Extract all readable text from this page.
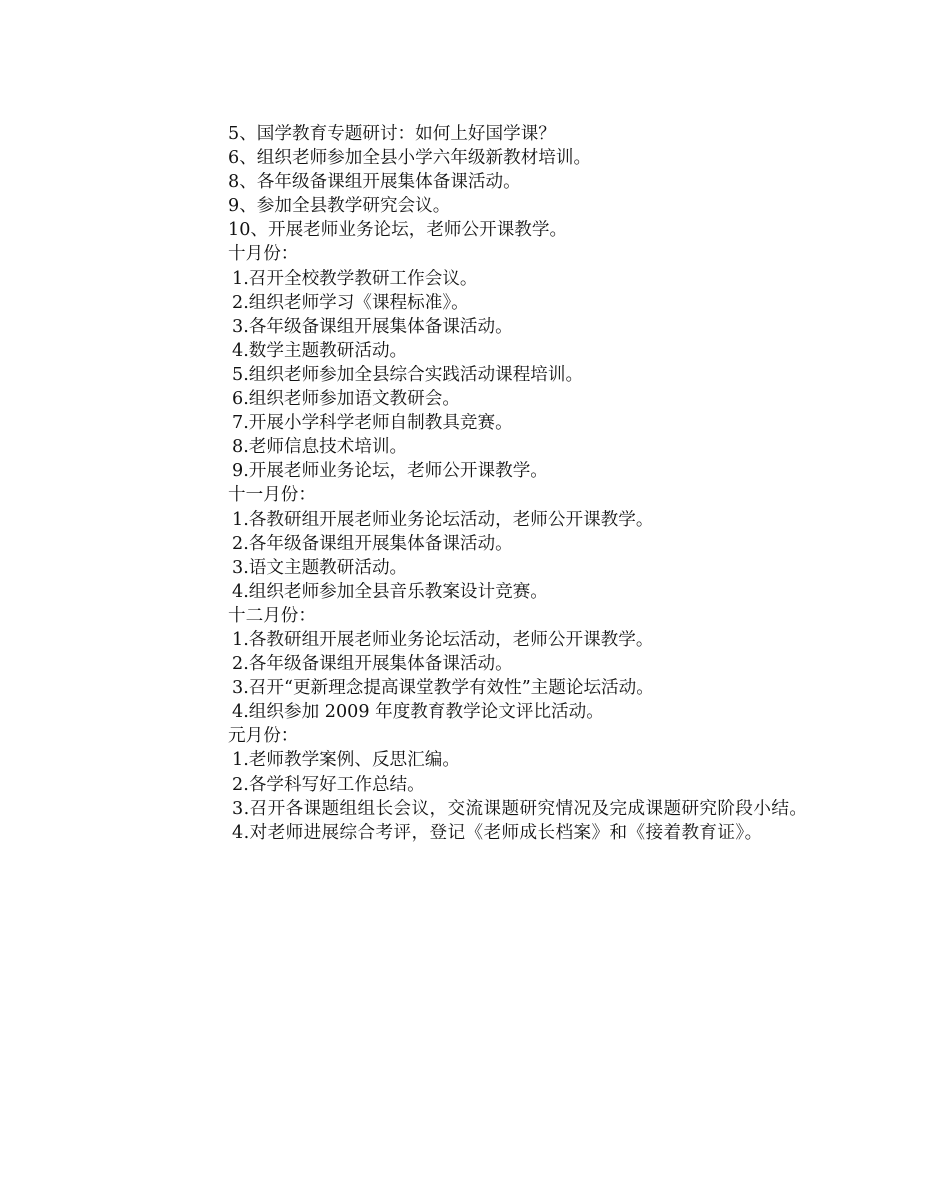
5、国学教育专题研讨：如何上好国学课？
6、组织老师参加全县小学六年级新教材培训。
8、各年级备课组开展集体备课活动。
9、参加全县教学研究会议。
10、开展老师业务论坛，老师公开课教学。
十月份：
1.召开全校教学教研工作会议。
2.组织老师学习《课程标准》。
3.各年级备课组开展集体备课活动。
4.数学主题教研活动。
5.组织老师参加全县综合实践活动课程培训。
6.组织老师参加语文教研会。
7.开展小学科学老师自制教具竞赛。
8.老师信息技术培训。
9.开展老师业务论坛，老师公开课教学。
十一月份：
1.各教研组开展老师业务论坛活动，老师公开课教学。
2.各年级备课组开展集体备课活动。
3.语文主题教研活动。
4.组织老师参加全县音乐教案设计竞赛。
十二月份：
1.各教研组开展老师业务论坛活动，老师公开课教学。
2.各年级备课组开展集体备课活动。
3.召开“更新理念提高课堂教学有效性”主题论坛活动。
4.组织参加 2009 年度教育教学论文评比活动。
元月份：
1.老师教学案例、反思汇编。
2.各学科写好工作总结。
3.召开各课题组组长会议，交流课题研究情况及完成课题研究阶段小结。
4.对老师进展综合考评，登记《老师成长档案》和《接着教育证》。
